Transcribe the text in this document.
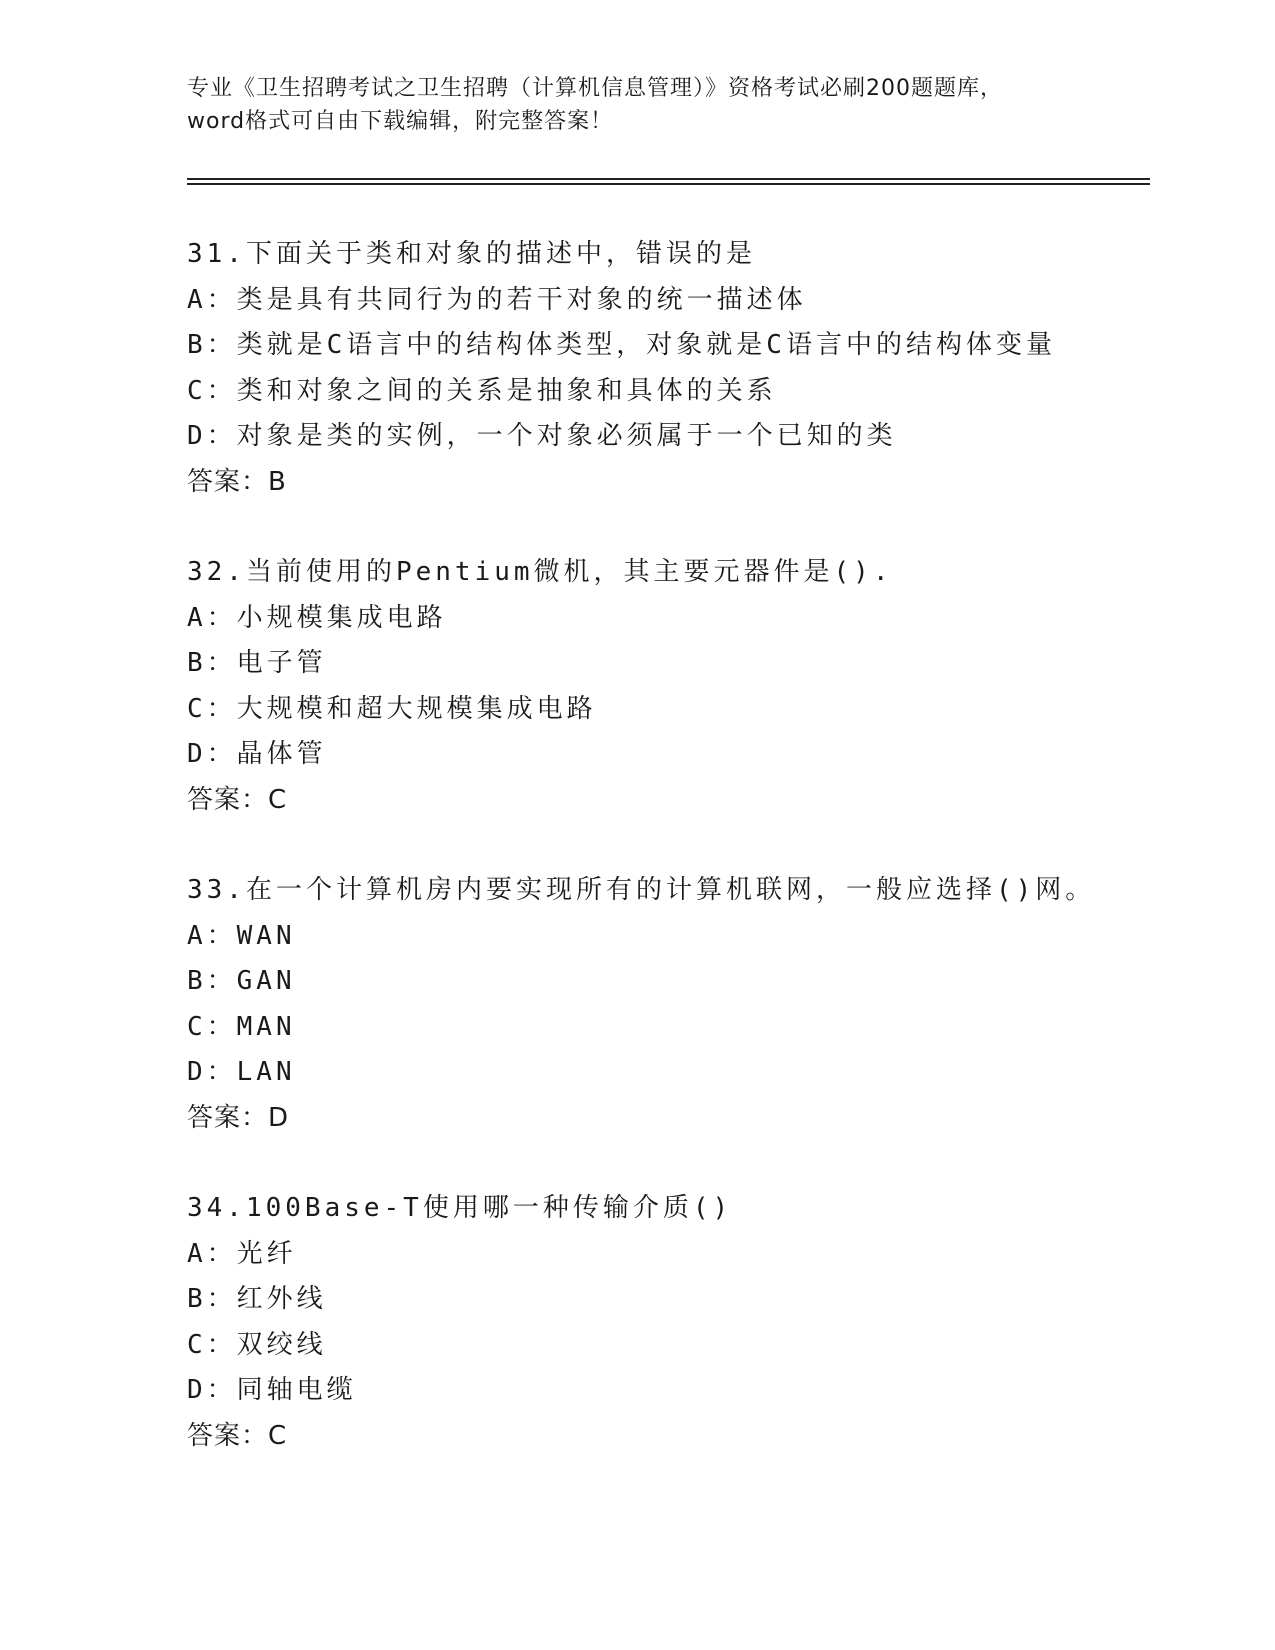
专业《卫生招聘考试之卫生招聘（计算机信息管理）》资格考试必刷200题题库，
word格式可自由下载编辑，附完整答案！
31.下面关于类和对象的描述中，错误的是
A：类是具有共同行为的若干对象的统一描述体
B：类就是C语言中的结构体类型，对象就是C语言中的结构体变量
C：类和对象之间的关系是抽象和具体的关系
D：对象是类的实例，一个对象必须属于一个已知的类
答案：B
32.当前使用的Pentium微机，其主要元器件是().
A：小规模集成电路
B：电子管
C：大规模和超大规模集成电路
D：晶体管
答案：C
33.在一个计算机房内要实现所有的计算机联网，一般应选择()网。
A：WAN
B：GAN
C：MAN
D：LAN
答案：D
34.100Base-T使用哪一种传输介质()
A：光纤
B：红外线
C：双绞线
D：同轴电缆
答案：C
